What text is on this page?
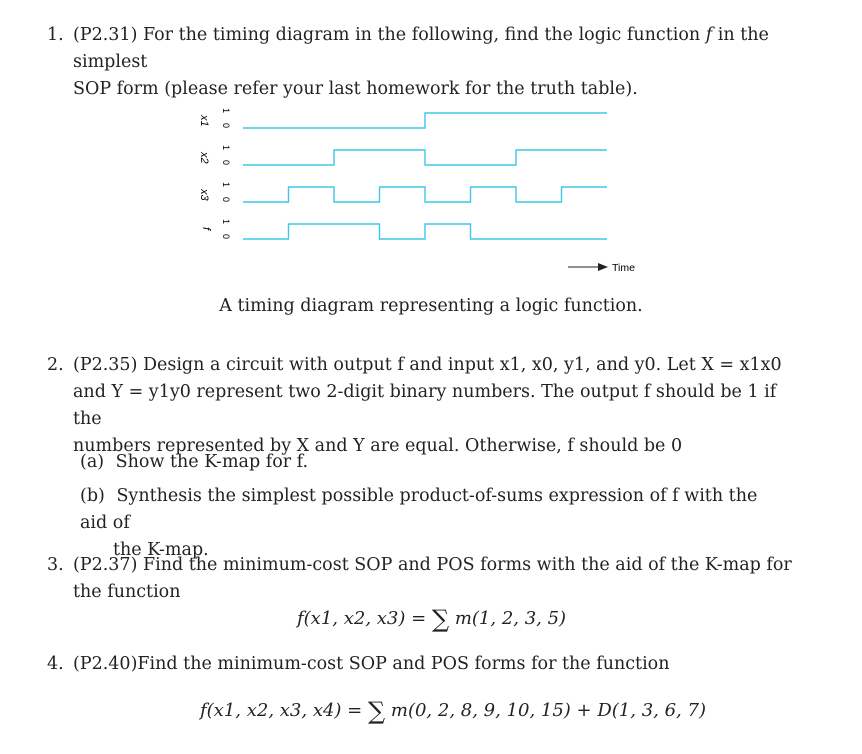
1. (P2.31) For the timing diagram in the following, find the logic function f in the simplest
SOP form (please refer your last homework for the truth table).
x1
x2
x3
f
1
0
1
0
1
0
1
0
Time
A timing diagram representing a logic function.
2. (P2.35) Design a circuit with output f and input x1, x0, y1, and y0. Let X = x1x0
and Y = y1y0 represent two 2-digit binary numbers. The output f should be 1 if the
numbers represented by X and Y are equal. Otherwise, f should be 0
(a) Show the K-map for f.
(b) Synthesis the simplest possible product-of-sums expression of f with the aid of
the K-map.
3. (P2.37) Find the minimum-cost SOP and POS forms with the aid of the K-map for
the function
f(x1, x2, x3) = ∑ m(1, 2, 3, 5)
4. (P2.40)Find the minimum-cost SOP and POS forms for the function
f(x1, x2, x3, x4) = ∑ m(0, 2, 8, 9, 10, 15) + D(1, 3, 6, 7)
